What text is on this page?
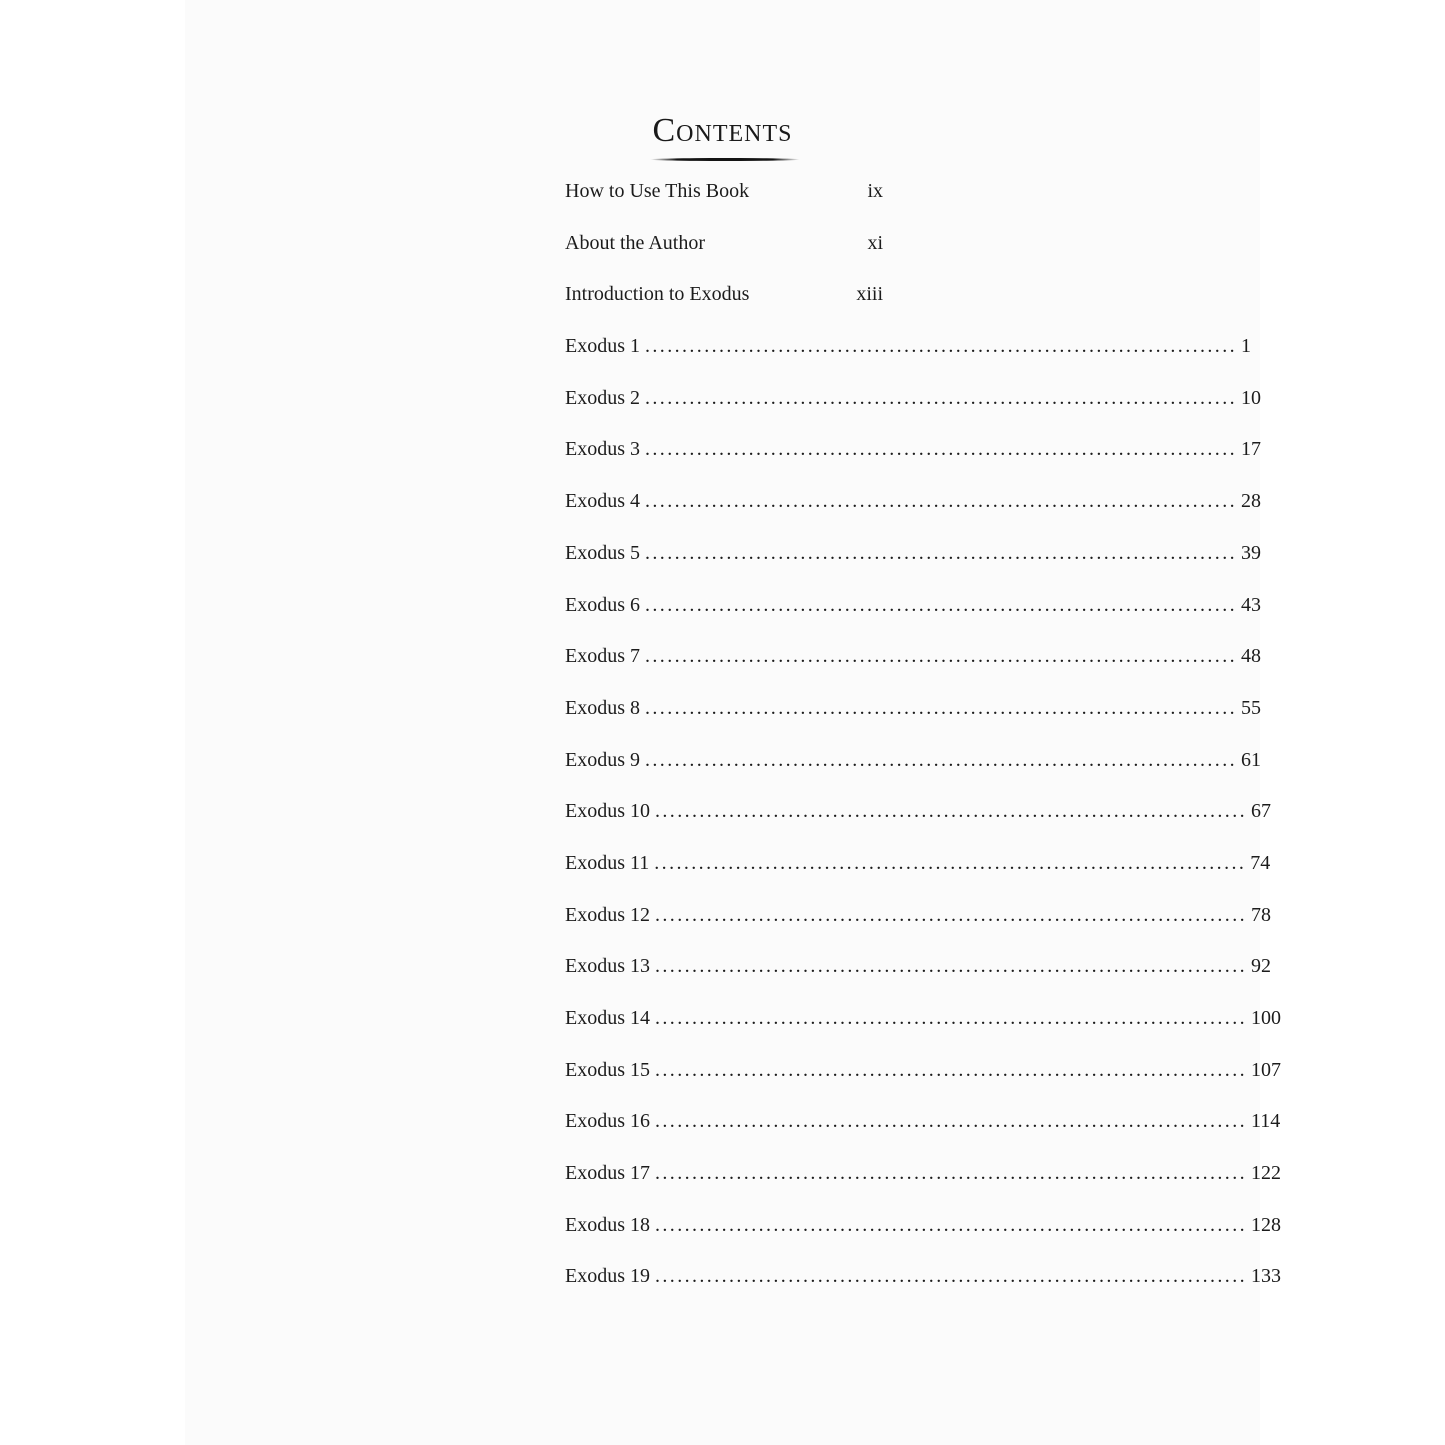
Contents
How to Use This Book	ix
About the Author	xi
Introduction to Exodus	xiii
Exodus 1 ................................................................................ 1
Exodus 2 ................................................................................ 10
Exodus 3 ................................................................................ 17
Exodus 4 ................................................................................ 28
Exodus 5 ................................................................................ 39
Exodus 6 ................................................................................ 43
Exodus 7 ................................................................................ 48
Exodus 8 ................................................................................ 55
Exodus 9 ................................................................................ 61
Exodus 10 ................................................................................ 67
Exodus 11 ................................................................................ 74
Exodus 12 ................................................................................ 78
Exodus 13 ................................................................................ 92
Exodus 14 ................................................................................ 100
Exodus 15 ................................................................................ 107
Exodus 16 ................................................................................ 114
Exodus 17 ................................................................................ 122
Exodus 18 ................................................................................ 128
Exodus 19 ................................................................................ 133
